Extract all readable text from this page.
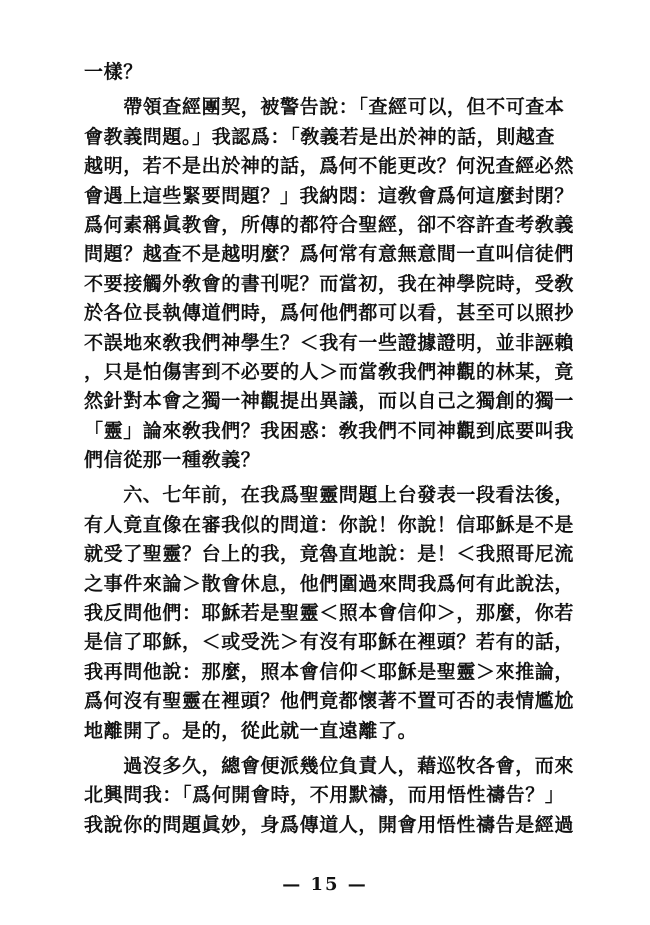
一樣？
　　帶領查經團契，被警告說：「查經可以，但不可查本
會教義問題。」我認爲：「敎義若是出於神的話，則越查
越明，若不是出於神的話，爲何不能更改？何況查經必然
會遇上這些緊要問題？」我納悶：這敎會爲何這麼封閉？
爲何素稱眞教會，所傳的都符合聖經，卻不容許查考敎義
問題？越查不是越明麼？爲何常有意無意間一直叫信徒們
不要接觸外敎會的書刊呢？而當初，我在神學院時，受敎
於各位長執傳道們時，爲何他們都可以看，甚至可以照抄
不誤地來敎我們神學生？＜我有一些證據證明，並非誣賴
，只是怕傷害到不必要的人＞而當敎我們神觀的林某，竟
然針對本會之獨一神觀提出異議，而以自己之獨創的獨一
「靈」論來敎我們？我困惑：敎我們不同神觀到底要叫我
們信從那一種敎義？
　　六、七年前，在我爲聖靈問題上台發表一段看法後，
有人竟直像在審我似的問道：你說！你說！信耶穌是不是
就受了聖靈？台上的我，竟魯直地說：是！＜我照哥尼流
之事件來論＞散會休息，他們圍過來問我爲何有此說法，
我反問他們：耶穌若是聖靈＜照本會信仰＞，那麼，你若
是信了耶穌，＜或受洗＞有沒有耶穌在裡頭？若有的話，
我再問他說：那麼，照本會信仰＜耶穌是聖靈＞來推論，
爲何沒有聖靈在裡頭？他們竟都懷著不置可否的表情尷尬
地離開了。是的，從此就一直遠離了。
　　過沒多久，總會便派幾位負責人，藉巡牧各會，而來
北興問我：「爲何開會時，不用默禱，而用悟性禱告？」
我說你的問題眞妙，身爲傳道人，開會用悟性禱告是經過
— 15 —
